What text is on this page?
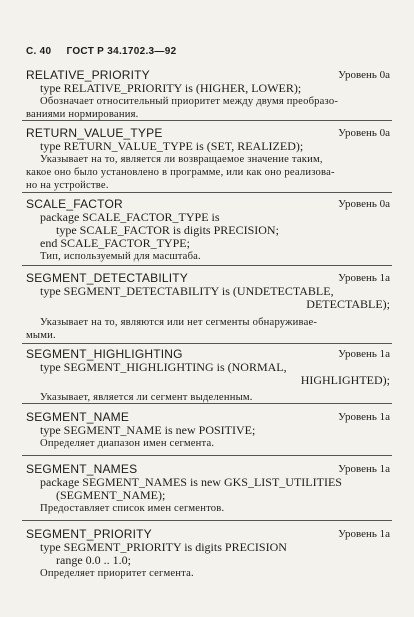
С. 40 ГОСТ Р 34.1702.3—92
RELATIVE_PRIORITY	Уровень 0а
type RELATIVE_PRIORITY is (HIGHER, LOWER);
Обозначает относительный приоритет между двумя преобразо-
ваниями нормирования.
RETURN_VALUE_TYPE	Уровень 0а
type RETURN_VALUE_TYPE is (SET, REALIZED);
Указывает на то, является ли возвращаемое значение таким,
какое оно было установлено в программе, или как оно реализова-
но на устройстве.
SCALE_FACTOR	Уровень 0а
package SCALE_FACTOR_TYPE is
type SCALE_FACTOR is digits PRECISION;
end SCALE_FACTOR_TYPE;
Тип, используемый для масштаба.
SEGMENT_DETECTABILITY	Уровень 1а
type SEGMENT_DETECTABILITY is (UNDETECTABLE,
DETECTABLE);
Указывает на то, являются или нет сегменты обнаруживае-
мыми.
SEGMENT_HIGHLIGHTING	Уровень 1а
type SEGMENT_HIGHLIGHTING is (NORMAL,
HIGHLIGHTED);
Указывает, является ли сегмент выделенным.
SEGMENT_NAME	Уровень 1а
type SEGMENT_NAME is new POSITIVE;
Определяет диапазон имен сегмента.
SEGMENT_NAMES	Уровень 1а
package SEGMENT_NAMES is new GKS_LIST_UTILITIES
(SEGMENT_NAME);
Предоставляет список имен сегментов.
SEGMENT_PRIORITY	Уровень 1а
type SEGMENT_PRIORITY is digits PRECISION
range 0.0 .. 1.0;
Определяет приоритет сегмента.
